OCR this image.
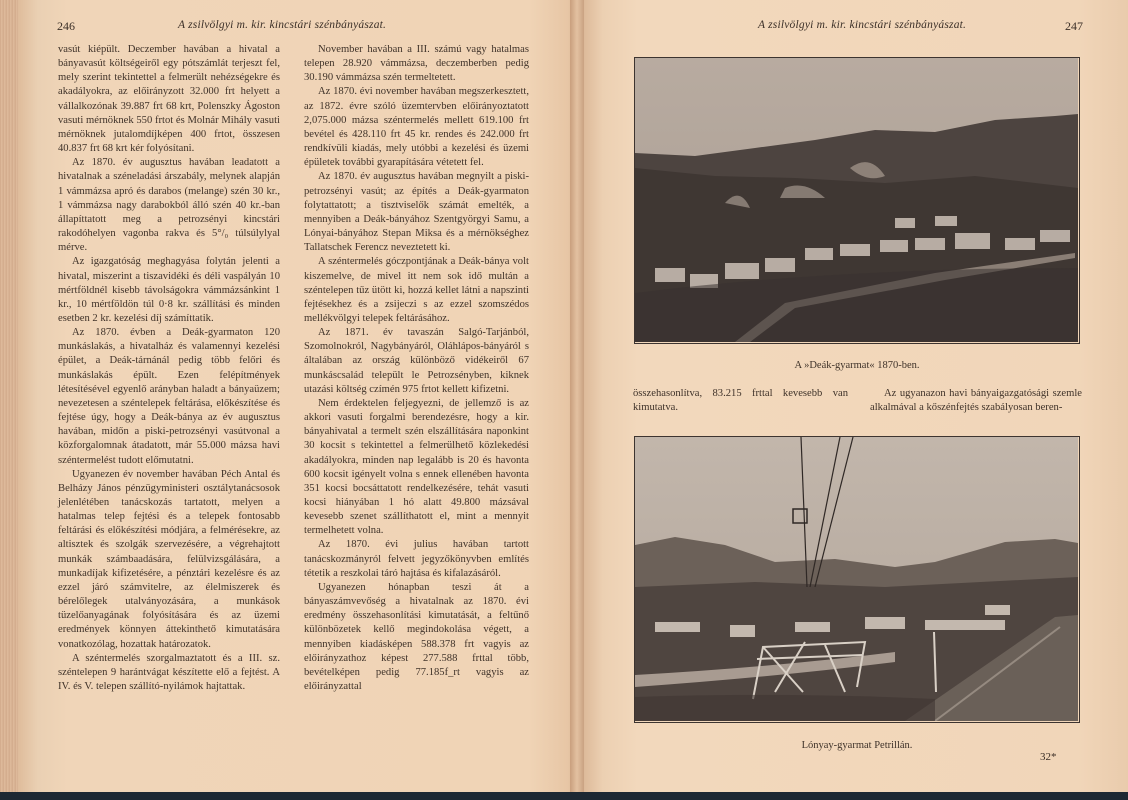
246	A zsilvölgyi m. kir. kincstári szénbányászat.

vasút kiépült. Deczember havában a hivatal a bányavasút költségeiről egy pótszámlát terjeszt fel, mely szerint tekintettel a felmerült nehézségekre és akadályokra, az előirányzott 32.000 frt helyett a vállalkozónak 39.887 frt 68 krt, Polenszky Ágoston vasuti mérnöknek 550 frtot és Molnár Mihály vasuti mérnöknek jutalomdíjképen 400 frtot, összesen 40.837 frt 68 krt kér folyósítani.

Az 1870. év augusztus havában leadatott a hivatalnak a széneladási árszabály, melynek alapján 1 vámmázsa apró és darabos (melange) szén 30 kr., 1 vámmázsa nagy darabokból álló szén 40 kr.-ban állapíttatott meg a petrozsényi kincstári rakodóhelyen vagonba rakva és 5°/₀ túlsúlylyal mérve.

Az igazgatóság meghagyása folytán jelenti a hivatal, miszerint a tiszavidéki és déli vaspályán 10 mértföldnél kisebb távolságokra vámmázsánkint 1 kr., 10 mértföldön túl 0·8 kr. szállítási és minden esetben 2 kr. kezelési díj számíttatik.

Az 1870. évben a Deák-gyarmaton 120 munkáslakás, a hivatalház és valamennyi kezelési épület, a Deák-tárnánál pedig több felőri és munkáslakás épült. Ezen felépítmények létesítésével egyenlő arányban haladt a bányaüzem; nevezetesen a széntelepek feltárása, előkészítése és fejtése úgy, hogy a Deák-bánya az év augusztus havában, midőn a piski-petrozsényi vasútvonal a közforgalomnak átadatott, már 55.000 mázsa havi széntermelést tudott előmutatni.

Ugyanezen év november havában Péch Antal és Belházy János pénzügyministeri osztálytanácsosok jelenlétében tanácskozás tartatott, melyen a hatalmas telep fejtési és a telepek fontosabb feltárási és előkészítési módjára, a felmérésekre, az altisztek és szolgák szervezésére, a végrehajtott munkák számbaadására, felülvizsgálására, a munkadíjak kifizetésére, a pénztári kezelésre és az ezzel járó számvitelre, az élelmiszerek és bérelőlegek utalványozására, a munkások tüzelőanyagának folyósítására és az üzemi eredmények könnyen áttekinthető kimutatására vonatkozólag, hozattak határozatok.

A széntermelés szorgalmaztatott és a III. sz. széntelepen 9 harántvágat készítette elő a fejtést. A IV. és V. telepen szállító-nyilámok hajtattak.

November havában a III. számú vagy hatalmas telepen 28.920 vámmázsa, deczemberben pedig 30.190 vámmázsa szén termeltetett.

Az 1870. évi november havában megszerkesztett, az 1872. évre szóló üzemtervben előirányoztatott 2,075.000 mázsa széntermelés mellett 619.100 frt bevétel és 428.110 frt 45 kr. rendes és 242.000 frt rendkívüli kiadás, mely utóbbi a kezelési és üzemi épületek további gyarapítására vétetett fel.

Az 1870. év augusztus havában megnyilt a piski-petrozsényi vasút; az építés a Deák-gyarmaton folytattatott; a tisztviselők számát emelték, a mennyiben a Deák-bányához Szentgyörgyi Samu, a Lónyai-bányához Stepan Miksa és a mérnökséghez Tallatschek Ferencz neveztetett ki.

A széntermelés góczpontjának a Deák-bánya volt kiszemelve, de mivel itt nem sok idő multán a széntelepen tűz ütött ki, hozzá kellet látni a napszinti fejtésekhez és a zsijeczi s az ezzel szomszédos mellékvölgyi telepek feltárásához.

Az 1871. év tavaszán Salgó-Tarjánból, Szomolnokról, Nagybányáról, Oláhlápos-bányáról s általában az ország különböző vidékeiről 67 munkáscsalád települt le Petrozsényben, kiknek utazási költség czímén 975 frtot kellett kifizetni.

Nem érdektelen feljegyezni, de jellemző is az akkori vasuti forgalmi berendezésre, hogy a kir. bányahivatal a termelt szén elszállítására naponkint 30 kocsit s tekintettel a felmerülhető közlekedési akadályokra, minden nap legalább is 20 és havonta 600 kocsit igényelt volna s ennek ellenében havonta 351 kocsi bocsáttatott rendelkezésére, tehát vasuti kocsi hiányában 1 hó alatt 49.800 mázsával kevesebb szenet szállíthatott el, mint a mennyit termelhetett volna.

Az 1870. évi julius havában tartott tanácskozmányról felvett jegyzőkönyvben említés tétetik a reszkolai táró hajtása és kifalazásáról.

Ugyanezen hónapban teszi át a bányaszámvevőség a hivatalnak az 1870. évi eredmény összehasonlítási kimutatását, a feltűnő különbözetek kellő megindokolása végett, a mennyiben kiadásképen 588.378 frt vagyis az előirányzathoz képest 277.588 frttal több, bevételképen pedig 77.185f_rt vagyis az előirányzattal

A zsilvölgyi m. kir. kincstári szénbányászat.	247
A »Deák-gyarmat« 1870-ben.

összehasonlítva, 83.215 frttal kevesebb van kimutatva.

Az ugyanazon havi bányaigazgatósági szemle alkalmával a kőszénfejtés szabályosan beren-

Lónyay-gyarmat Petrillán.
32*
